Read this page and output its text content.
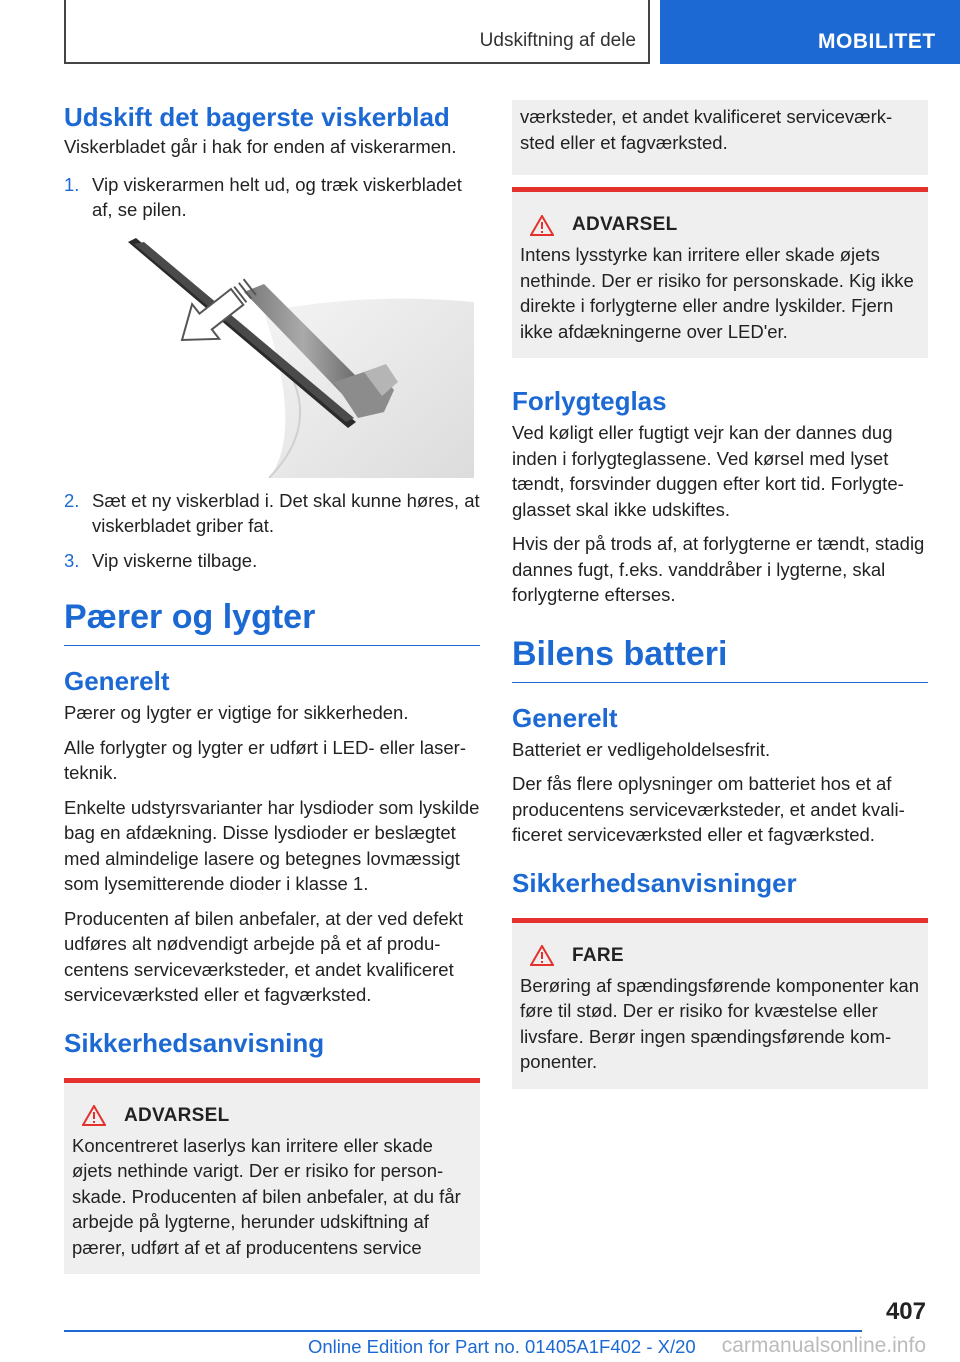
Udskiftning af dele	MOBILITET
Udskift det bagerste viskerblad

Viskerbladet går i hak for enden af viskerarmen.

1. Vip viskerarmen helt ud, og træk viskerbladet af, se pilen.
2. Sæt et ny viskerblad i. Det skal kunne høres, at viskerbladet griber fat.
3. Vip viskerne tilbage.
Pærer og lygter
Generelt

Pærer og lygter er vigtige for sikkerheden.

Alle forlygter og lygter er udført i LED- eller laserteknik.

Enkelte udstyrsvarianter har lysdioder som lyskilde bag en afdækning. Disse lysdioder er beslægtet med almindelige lasere og betegnes lovmæssigt som lysemitterende dioder i klasse 1.

Producenten af bilen anbefaler, at der ved defekt udføres alt nødvendigt arbejde på et af producentens serviceværksteder, et andet kvalificeret serviceværksted eller et fagværksted.

Sikkerhedsanvisning
ADVARSEL

Koncentreret laserlys kan irritere eller skade øjets nethinde varigt. Der er risiko for personskade. Producenten af bilen anbefaler, at du får arbejde på lygterne, herunder udskiftning af pærer, udført af et af producentens service

værksteder, et andet kvalificeret serviceværksted eller et fagværksted.

ADVARSEL

Intens lysstyrke kan irritere eller skade øjets nethinde. Der er risiko for personskade. Kig ikke direkte i forlygterne eller andre lyskilder. Fjern ikke afdækningerne over LED'er.

Forlygteglas

Ved køligt eller fugtigt vejr kan der dannes dug inden i forlygteglassene. Ved kørsel med lyset tændt, forsvinder duggen efter kort tid. Forlygteglasset skal ikke udskiftes.

Hvis der på trods af, at forlygterne er tændt, stadig dannes fugt, f.eks. vanddråber i lygterne, skal forlygterne efterses.

Bilens batteri
Generelt

Batteriet er vedligeholdelsesfrit.

Der fås flere oplysninger om batteriet hos et af producentens serviceværksteder, et andet kvalificeret serviceværksted eller et fagværksted.

Sikkerhedsanvisninger
FARE

Berøring af spændingsførende komponenter kan føre til stød. Der er risiko for kvæstelse eller livsfare. Berør ingen spændingsførende komponenter.

407
Online Edition for Part no. 01405A1F402 - X/20 carmanualsonline.info
